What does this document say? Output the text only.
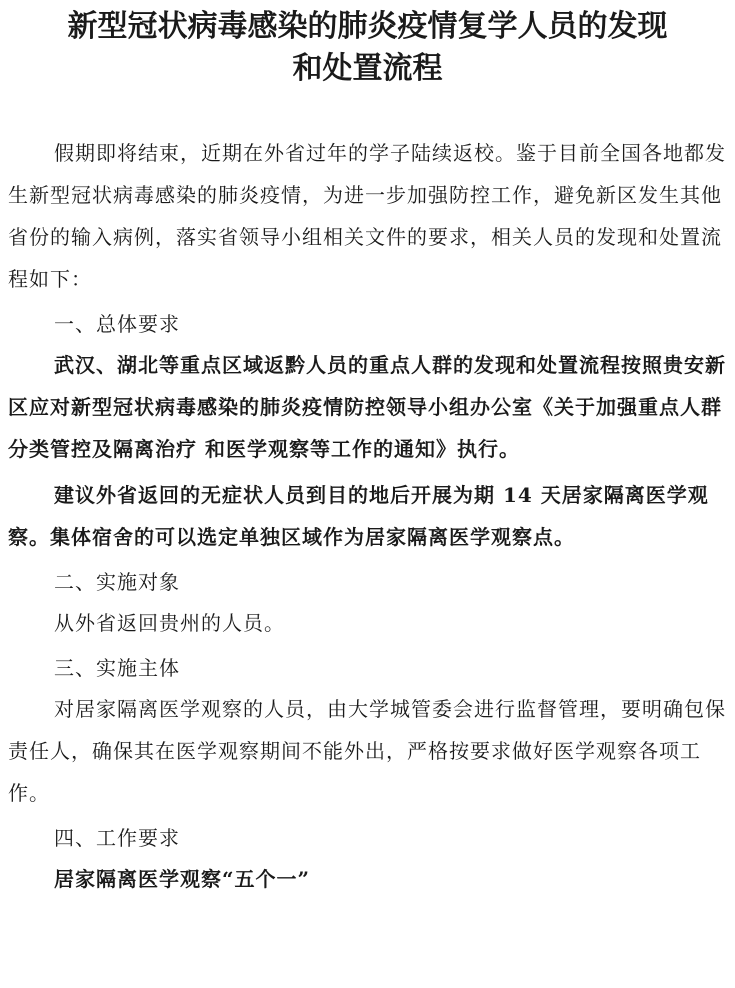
新型冠状病毒感染的肺炎疫情复学人员的发现
和处置流程

假期即将结束，近期在外省过年的学子陆续返校。鉴于目前全国各地都发生新型冠状病毒感染的肺炎疫情，为进一步加强防控工作，避免新区发生其他省份的输入病例，落实省领导小组相关文件的要求，相关人员的发现和处置流程如下：

一、总体要求

武汉、湖北等重点区域返黔人员的重点人群的发现和处置流程按照贵安新区应对新型冠状病毒感染的肺炎疫情防控领导小组办公室《关于加强重点人群分类管控及隔离治疗 和医学观察等工作的通知》执行。

建议外省返回的无症状人员到目的地后开展为期 14 天居家隔离医学观察。集体宿舍的可以选定单独区域作为居家隔离医学观察点。

二、实施对象

从外省返回贵州的人员。

三、实施主体

对居家隔离医学观察的人员，由大学城管委会进行监督管理，要明确包保责任人，确保其在医学观察期间不能外出，严格按要求做好医学观察各项工作。

四、工作要求

居家隔离医学观察“五个一”
